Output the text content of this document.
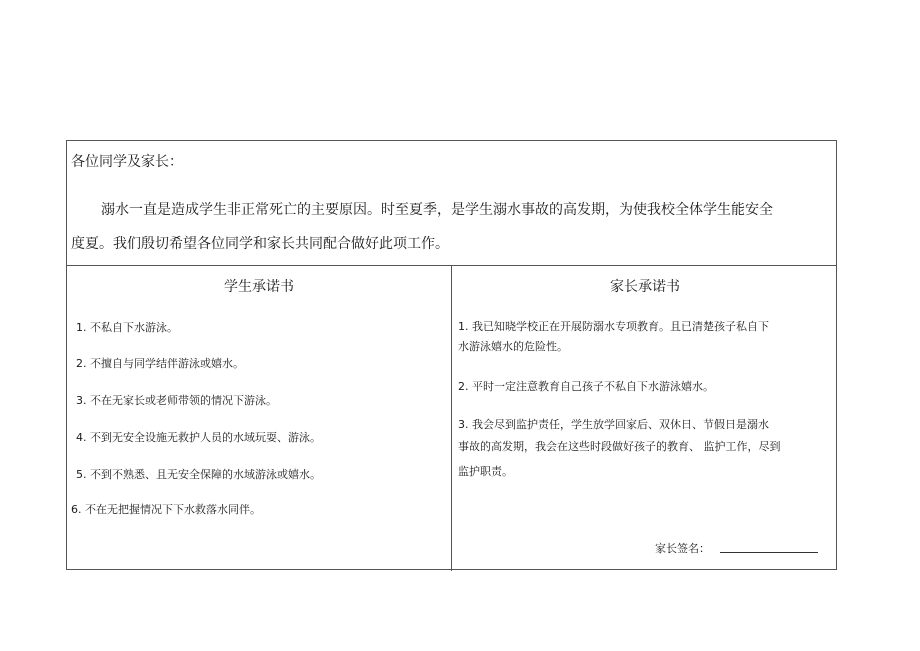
各位同学及家长：
溺水一直是造成学生非正常死亡的主要原因。时至夏季，是学生溺水事故的高发期，为使我校全体学生能安全
度夏。我们殷切希望各位同学和家长共同配合做好此项工作。
学生承诺书
1. 不私自下水游泳。
2. 不擅自与同学结伴游泳或嬉水。
3. 不在无家长或老师带领的情况下游泳。
4. 不到无安全设施无救护人员的水域玩耍、游泳。
5. 不到不熟悉、且无安全保障的水域游泳或嬉水。
6. 不在无把握情况下下水救落水同伴。
家长承诺书
1. 我已知晓学校正在开展防溺水专项教育。且已清楚孩子私自下
水游泳嬉水的危险性。
2. 平时一定注意教育自己孩子不私自下水游泳嬉水。
3. 我会尽到监护责任，学生放学回家后、双休日、节假日是溺水
事故的高发期，我会在这些时段做好孩子的教育、 监护工作，尽到
监护职责。
家长签名：
